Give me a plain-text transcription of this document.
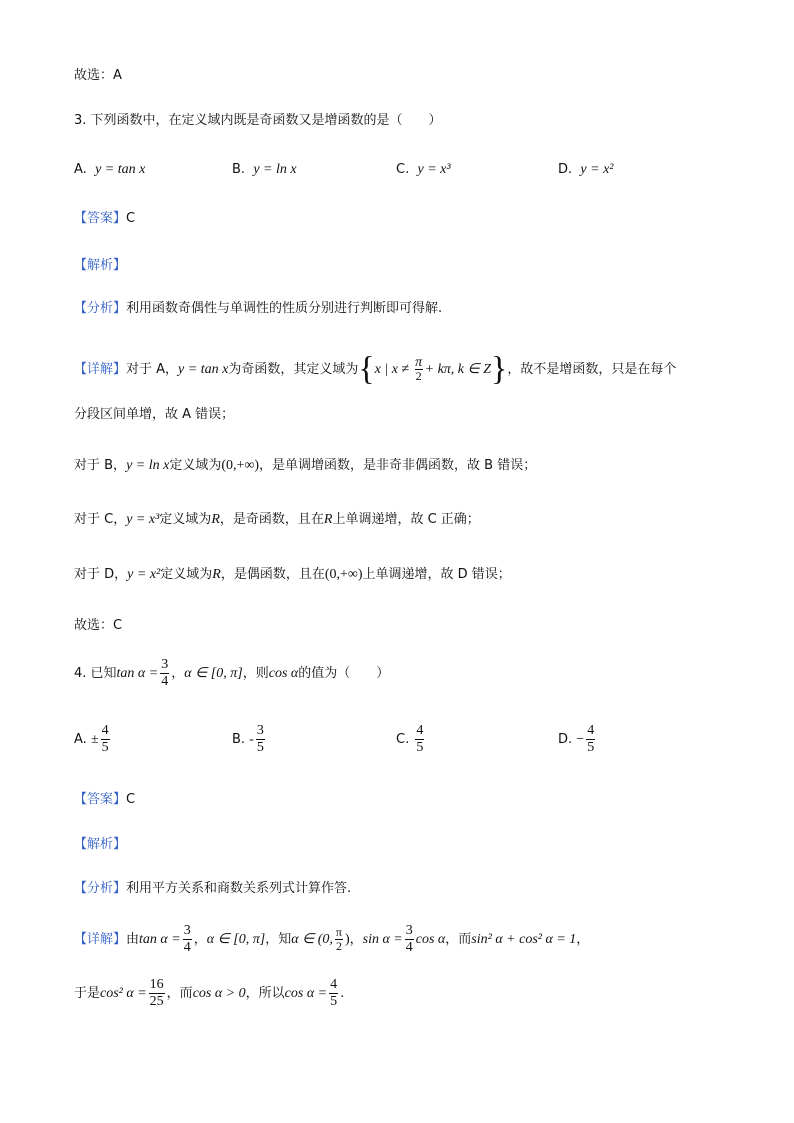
故选：A
3. 下列函数中，在定义域内既是奇函数又是增函数的是（　　）
A. y = tan x	B. y = ln x	C. y = x³	D. y = x²
【答案】C
【解析】
【分析】利用函数奇偶性与单调性的性质分别进行判断即可得解.
【详解】对于 A，y = tan x为奇函数，其定义域为{x | $x \ne \frac{\pi}{2} + k\pi$, k ∈ Z}，故不是增函数，只是在每个
分段区间单增，故 A 错误；
对于 B，y = ln x定义域为(0,+∞)，是单调增函数，是非奇非偶函数，故 B 错误；
对于 C，y = x³定义域为R，是奇函数，且在R上单调递增，故 C 正确；
对于 D，y = x²定义域为R，是偶函数，且在(0,+∞)上单调递增，故 D 错误；
故选：C
4. 已知$\tan \alpha = \frac{3}{4}$ ，α ∈ [0, π]，则cos α的值为（　　）
A. ± $\frac{4}{5}$	B. - $\frac{3}{5}$	C. $\frac{4}{5}$	D. − $\frac{4}{5}$
【答案】C
【解析】
【分析】利用平方关系和商数关系列式计算作答.
【详解】由$\tan \alpha = \frac{3}{4}$ ，α ∈ [0, π]，知α ∈ (0, $\frac{\pi}{2}$ )，$\sin \alpha = \frac{3}{4}$ cos α，而sin² α + cos² α = 1，
于是cos² $\alpha = \frac{16}{25}$ ，而cos α > 0，所以$\cos \alpha = \frac{4}{5}$ .
